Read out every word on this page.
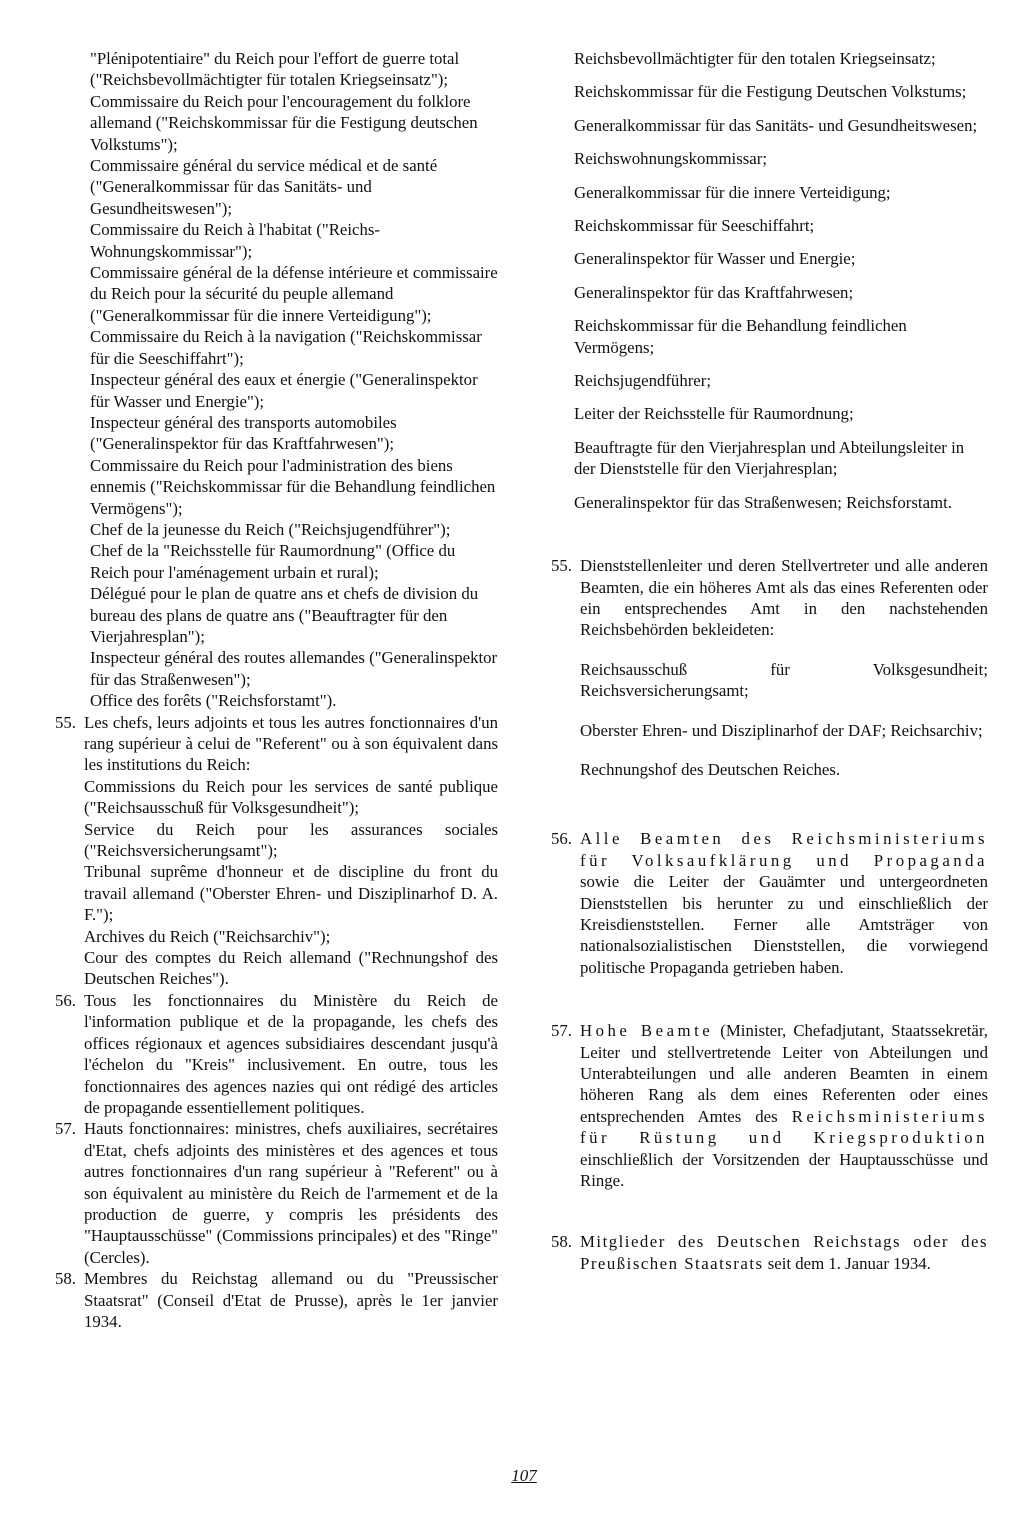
"Plénipotentiaire" du Reich pour l'effort de guerre total ("Reichsbevollmächtigter für totalen Kriegseinsatz");

Commissaire du Reich pour l'encouragement du folklore allemand ("Reichskommissar für die Festigung deutschen Volkstums");

Commissaire général du service médical et de santé ("Generalkommissar für das Sanitäts- und Gesundheitswesen");

Commissaire du Reich à l'habitat ("Reichs-Wohnungskommissar");

Commissaire général de la défense intérieure et commissaire du Reich pour la sécurité du peuple allemand ("Generalkommissar für die innere Verteidigung");

Commissaire du Reich à la navigation ("Reichskommissar für die Seeschiffahrt");

Inspecteur général des eaux et énergie ("Generalinspektor für Wasser und Energie");

Inspecteur général des transports automobiles ("Generalinspektor für das Kraftfahrwesen");

Commissaire du Reich pour l'administration des biens ennemis ("Reichskommissar für die Behandlung feindlichen Vermögens");

Chef de la jeunesse du Reich ("Reichsjugendführer");

Chef de la "Reichsstelle für Raumordnung" (Office du Reich pour l'aménagement urbain et rural);

Délégué pour le plan de quatre ans et chefs de division du bureau des plans de quatre ans ("Beauftragter für den Vierjahresplan");

Inspecteur général des routes allemandes ("Generalinspektor für das Straßenwesen");

Office des forêts ("Reichsforstamt").

55. Les chefs, leurs adjoints et tous les autres fonctionnaires d'un rang supérieur à celui de "Referent" ou à son équivalent dans les institutions du Reich:

Commissions du Reich pour les services de santé publique ("Reichsausschuß für Volksgesundheit");

Service du Reich pour les assurances sociales ("Reichsversicherungsamt");

Tribunal suprême d'honneur et de discipline du front du travail allemand ("Oberster Ehren- und Disziplinarhof D. A. F.");

Archives du Reich ("Reichsarchiv");

Cour des comptes du Reich allemand ("Rechnungshof des Deutschen Reiches").

56. Tous les fonctionnaires du Ministère du Reich de l'information publique et de la propagande, les chefs des offices régionaux et agences subsidiaires descendant jusqu'à l'échelon du "Kreis" inclusivement. En outre, tous les fonctionnaires des agences nazies qui ont rédigé des articles de propagande essentiellement politiques.
57. Hauts fonctionnaires: ministres, chefs auxiliaires, secrétaires d'Etat, chefs adjoints des ministères et des agences et tous autres fonctionnaires d'un rang supérieur à "Referent" ou à son équivalent au ministère du Reich de l'armement et de la production de guerre, y compris les présidents des "Hauptausschüsse" (Commissions principales) et des "Ringe" (Cercles).
58. Membres du Reichstag allemand ou du "Preussischer Staatsrat" (Conseil d'Etat de Prusse), après le 1er janvier 1934.

Reichsbevollmächtigter für den totalen Kriegseinsatz;

Reichskommissar für die Festigung Deutschen Volkstums;

Generalkommissar für das Sanitäts- und Gesundheitswesen;

Reichswohnungskommissar;

Generalkommissar für die innere Verteidigung;

Reichskommissar für Seeschiffahrt;

Generalinspektor für Wasser und Energie;

Generalinspektor für das Kraftfahrwesen;

Reichskommissar für die Behandlung feindlichen Vermögens;

Reichsjugendführer;

Leiter der Reichsstelle für Raumordnung;

Beauftragte für den Vierjahresplan und Abteilungsleiter in der Dienststelle für den Vierjahresplan;

Generalinspektor für das Straßenwesen; Reichsforstamt.

55. Dienststellenleiter und deren Stellvertreter und alle anderen Beamten, die ein höheres Amt als das eines Referenten oder ein entsprechendes Amt in den nachstehenden Reichsbehörden bekleideten:

Reichsausschuß für Volksgesundheit; Reichsversicherungsamt;

Oberster Ehren- und Disziplinarhof der DAF; Reichsarchiv;

Rechnungshof des Deutschen Reiches.

56. Alle Beamten des Reichsministeriums für Volksaufklärung und Propaganda sowie die Leiter der Gauämter und untergeordneten Dienststellen bis herunter zu und einschließlich der Kreisdienststellen. Ferner alle Amtsträger von nationalsozialistischen Dienststellen, die vorwiegend politische Propaganda getrieben haben.
57. Hohe Beamte (Minister, Chefadjutant, Staatssekretär, Leiter und stellvertretende Leiter von Abteilungen und Unterabteilungen und alle anderen Beamten in einem höheren Rang als dem eines Referenten oder eines entsprechenden Amtes des Reichsministeriums für Rüstung und Kriegsproduktion einschließlich der Vorsitzenden der Hauptausschüsse und Ringe.
58. Mitglieder des Deutschen Reichstags oder des Preußischen Staatsrats seit dem 1. Januar 1934.
107
